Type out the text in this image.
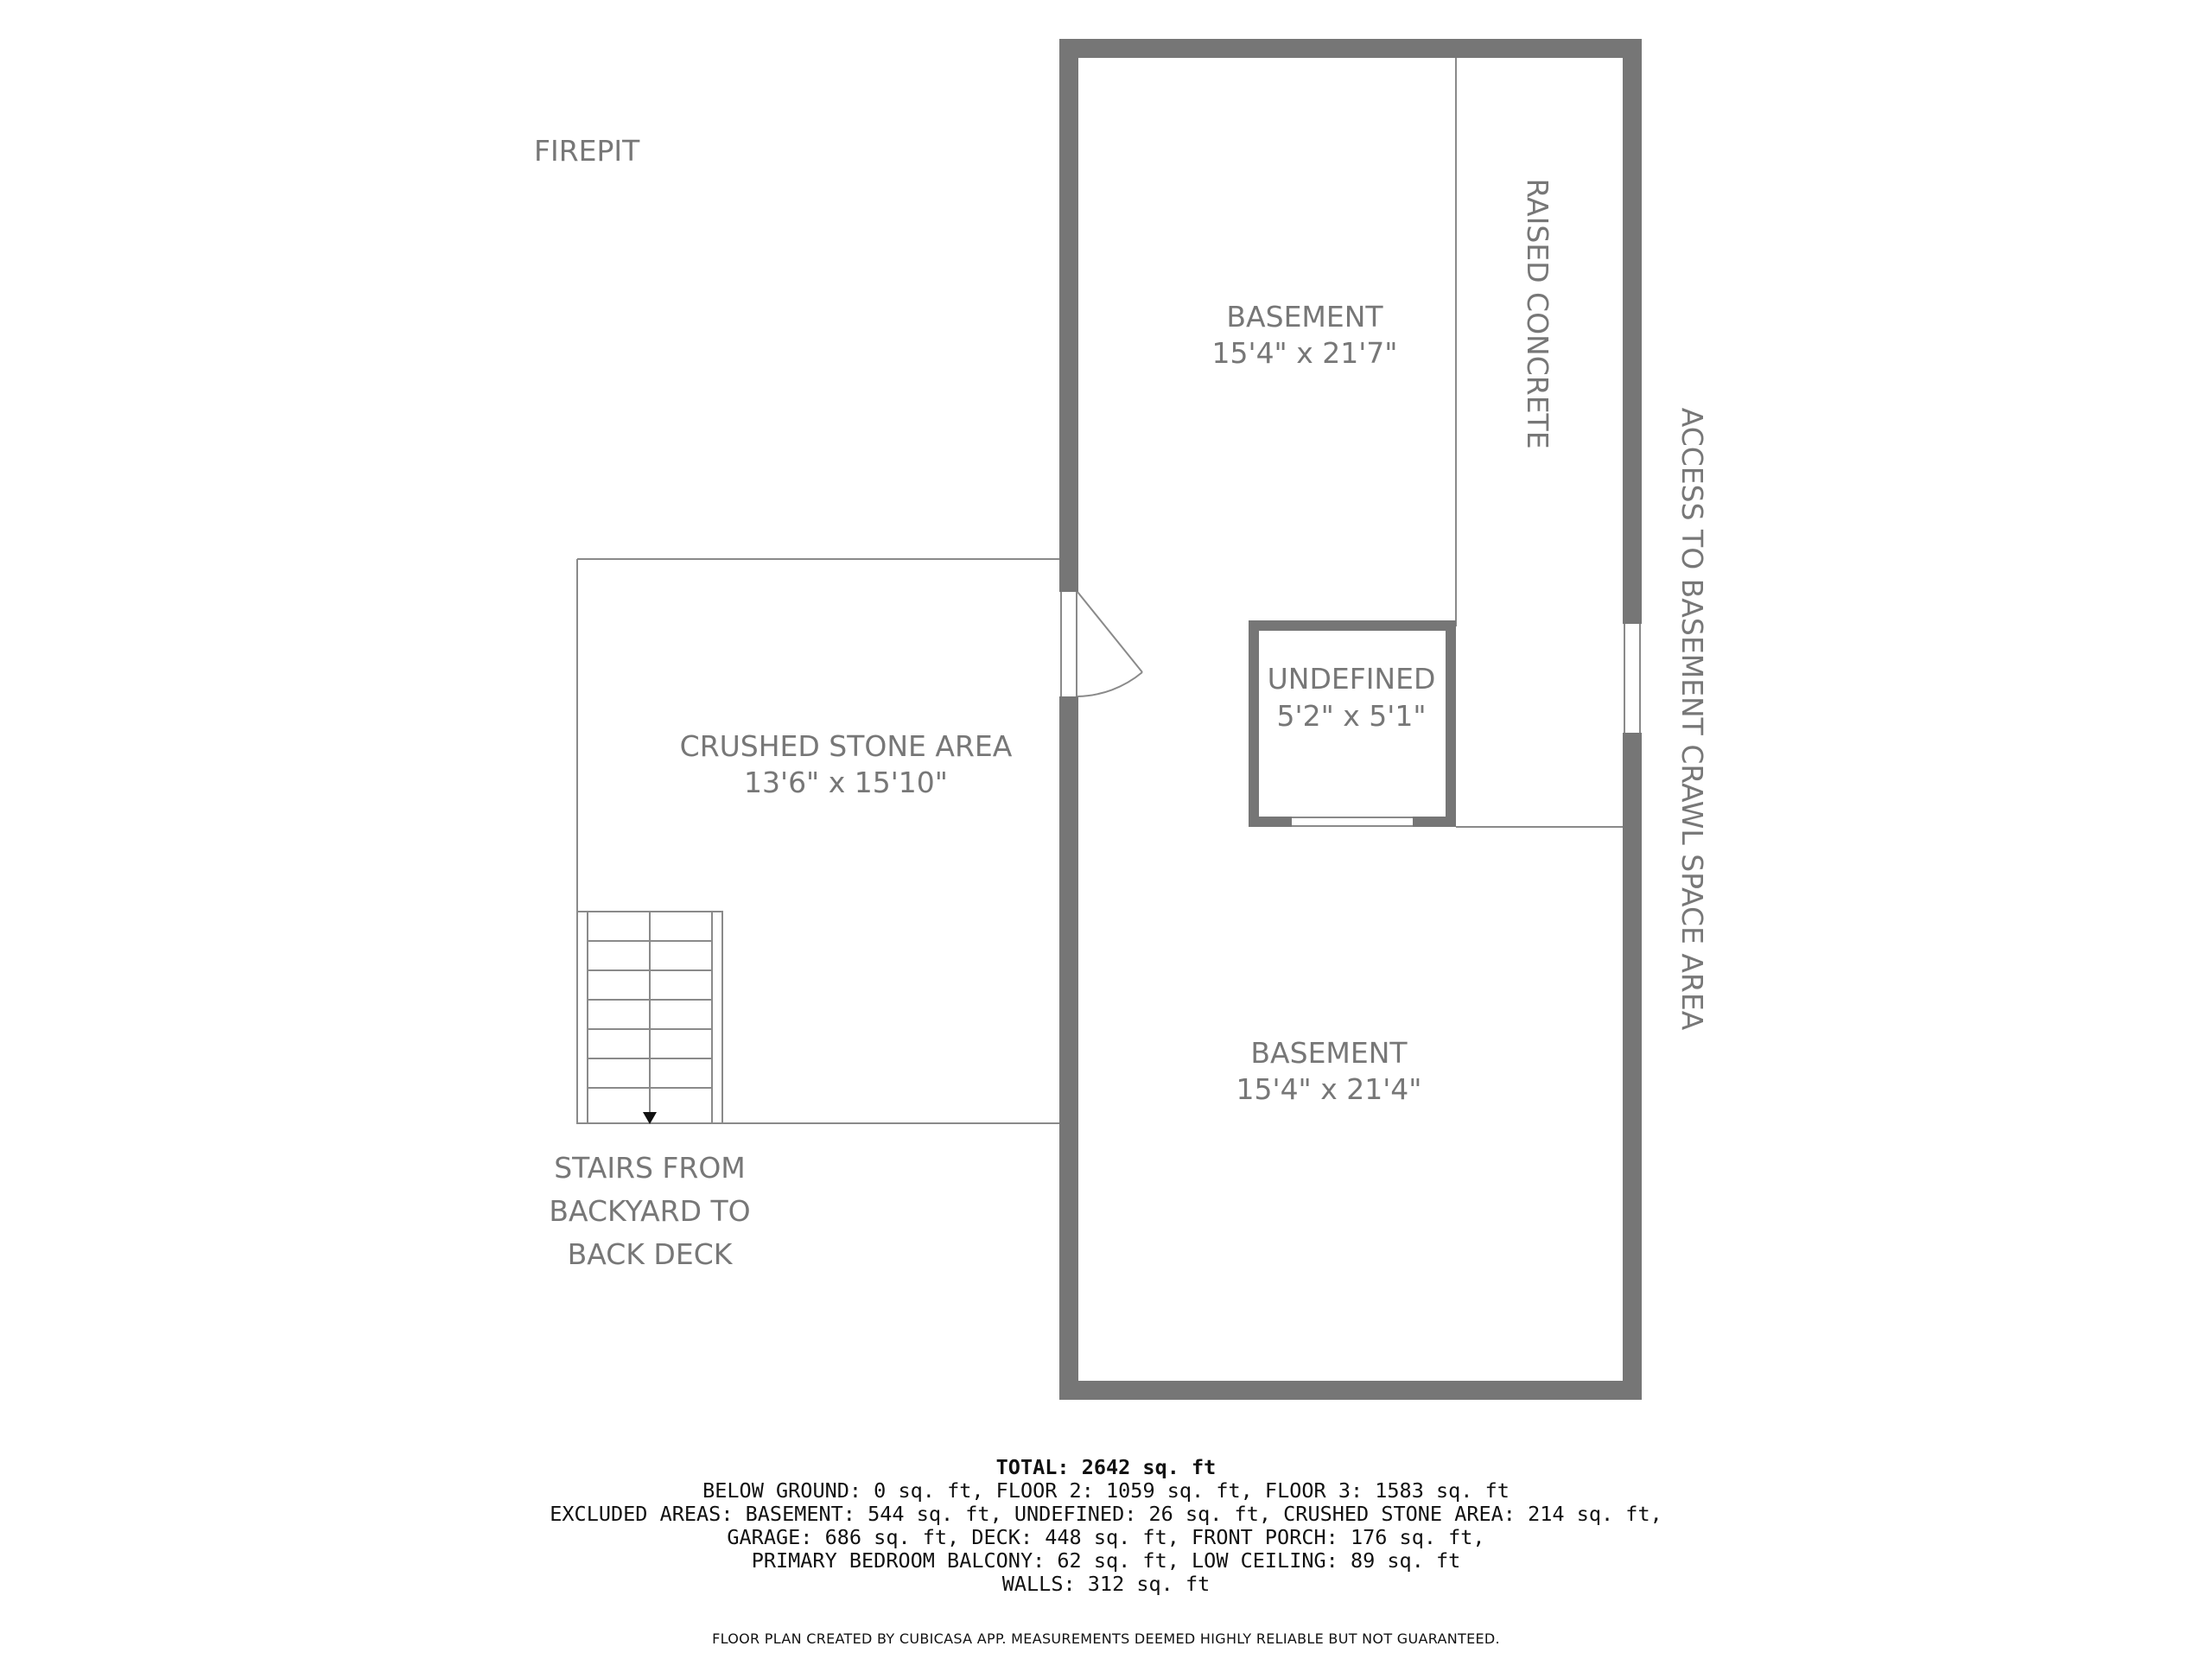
FIREPIT
BASEMENT
15'4" x 21'7"	RAISED CONCRETE
ACCESS TO BASEMENT CRAWL SPACE AREA
UNDEFINED
5'2" x 5'1"
CRUSHED STONE AREA
13'6" x 15'10"
BASEMENT
15'4" x 21'4"
STAIRS FROM
BACKYARD TO
BACK DECK
TOTAL: 2642 sq. ft
BELOW GROUND: 0 sq. ft, FLOOR 2: 1059 sq. ft, FLOOR 3: 1583 sq. ft
EXCLUDED AREAS: BASEMENT: 544 sq. ft, UNDEFINED: 26 sq. ft, CRUSHED STONE AREA: 214 sq. ft,
GARAGE: 686 sq. ft, DECK: 448 sq. ft, FRONT PORCH: 176 sq. ft,
PRIMARY BEDROOM BALCONY: 62 sq. ft, LOW CEILING: 89 sq. ft
WALLS: 312 sq. ft
FLOOR PLAN CREATED BY CUBICASA APP. MEASUREMENTS DEEMED HIGHLY RELIABLE BUT NOT GUARANTEED.
